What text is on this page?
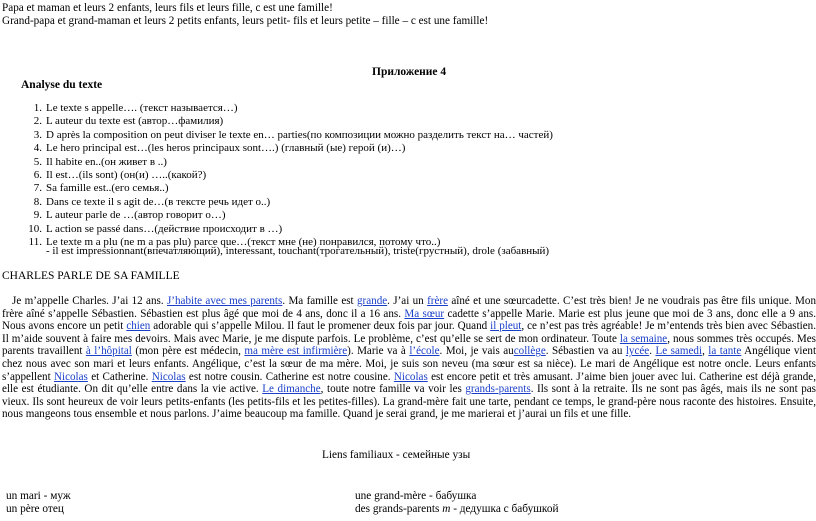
Papa et maman et leurs 2 enfants, leurs fils et leurs fille, c est une famille!
Grand-papa et grand-maman et leurs 2 petits enfants, leurs petit- fils et leurs petite – fille – c est une famille!
Приложение 4
Analyse du texte
1. Le texte s appelle…. (текст называется…)
2. L auteur du texte est (автор…фамилия)
3. D après la composition on peut diviser le texte en… parties(по композиции можно разделить текст на… частей)
4. Le hero principal est…(les heros principaux sont….) (главный (ые) герой (и)…)
5. Il habite en..(он живет в ..)
6. Il est…(ils sont) (он(и) …..(какой?)
7. Sa famille est..(его семья..)
8. Dans ce texte il s agit de…(в тексте речь идет о..)
9. L auteur parle de …(автор говорит о…)
10. L action se passé dans…(действие происходит в …)
11. Le texte m a plu (ne m a pas plu) parce que…(текст мне (не) понравился, потому что..)
- il est impressionnant(впечатляющий), interessant, touchant(трогательный), triste(грустный), drole (забавный)
CHARLES PARLE DE SA FAMILLE
Je m’appelle Charles. J’ai 12 ans. J’habite avec mes parents. Ma famille est grande. J’ai un frère aîné et une sœurcadette. C’est très bien! Je ne voudrais pas être fils unique. Mon frère aîné s’appelle Sébastien. Sébastien est plus âgé que moi de 4 ans, donc il a 16 ans. Ma sœur cadette s’appelle Marie. Marie est plus jeune que moi de 3 ans, donc elle a 9 ans. Nous avons encore un petit chien adorable qui s’appelle Milou. Il faut le promener deux fois par jour. Quand il pleut, ce n’est pas très agréable! Je m’entends très bien avec Sébastien. Il m’aide souvent à faire mes devoirs. Mais avec Marie, je me dispute parfois. Le problème, c’est qu’elle se sert de mon ordinateur. Toute la semaine, nous sommes très occupés. Mes parents travaillent à l’hôpital (mon père est médecin, ma mère est infirmière). Marie va à l’école. Moi, je vais aucollège. Sébastien va au lycée. Le samedi, la tante Angélique vient chez nous avec son mari et leurs enfants. Angélique, c’est la sœur de ma mère. Moi, je suis son neveu (ma sœur est sa nièce). Le mari de Angélique est notre oncle. Leurs enfants s’appellent Nicolas et Catherine. Nicolas est notre cousin. Catherine est notre cousine. Nicolas est encore petit et très amusant. J’aime bien jouer avec lui. Catherine est déjà grande, elle est étudiante. On dit qu’elle entre dans la vie active. Le dimanche, toute notre famille va voir les grands-parents. Ils sont à la retraite. Ils ne sont pas âgés, mais ils ne sont pas vieux. Ils sont heureux de voir leurs petits-enfants (les petits-fils et les petites-filles). La grand-mère fait une tarte, pendant ce temps, le grand-père nous raconte des histoires. Ensuite, nous mangeons tous ensemble et nous parlons. J’aime beaucoup ma famille. Quand je serai grand, je me marierai et j’aurai un fils et une fille.
Liens familiaux - семейные узы
un mari - муж
un père отец
une grand-mère - бабушка
des grands-parents m - дедушка с бабушкой
